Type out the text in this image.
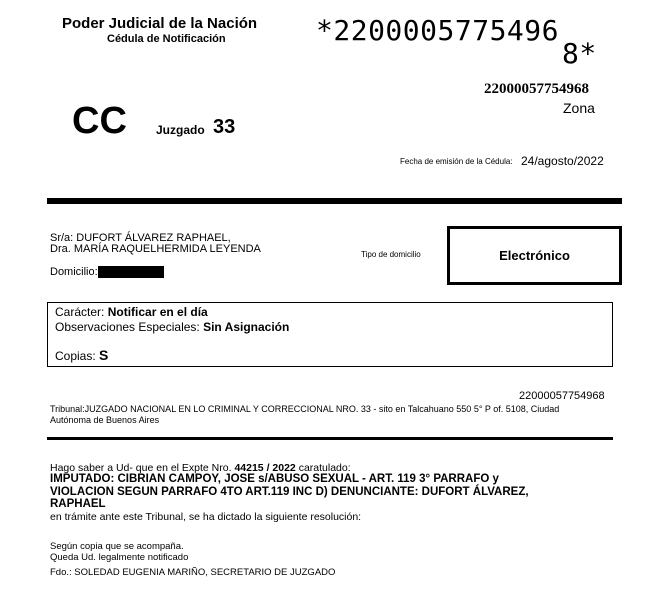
Poder Judicial de la Nación
Cédula de Notificación	*2200005775496
8*
22000057754968
Zona
CC Juzgado 33
Fecha de emisión de la Cédula: 24/agosto/2022
Sr/a: DUFORT ÁLVAREZ RAPHAEL,
Dra. MARÍA RAQUELHERMIDA LEYENDA
Domicilio:
Tipo de domicilio	Electrónico
Carácter: Notificar en el día
Observaciones Especiales: Sin Asignación
Copias: S
22000057754968
Tribunal:JUZGADO NACIONAL EN LO CRIMINAL Y CORRECCIONAL NRO. 33 - sito en Talcahuano 550 5° P of. 5108, Ciudad
Autónoma de Buenos Aires
Hago saber a Ud- que en el Expte Nro. 44215 / 2022 caratulado:
IMPUTADO: CIBRIAN CAMPOY, JOSE s/ABUSO SEXUAL - ART. 119 3° PARRAFO y
VIOLACION SEGUN PARRAFO 4TO ART.119 INC D) DENUNCIANTE: DUFORT ÁLVAREZ,
RAPHAEL
en trámite ante este Tribunal, se ha dictado la siguiente resolución:
Según copia que se acompaña.
Queda Ud. legalmente notificado
Fdo.: SOLEDAD EUGENIA MARIÑO, SECRETARIO DE JUZGADO
